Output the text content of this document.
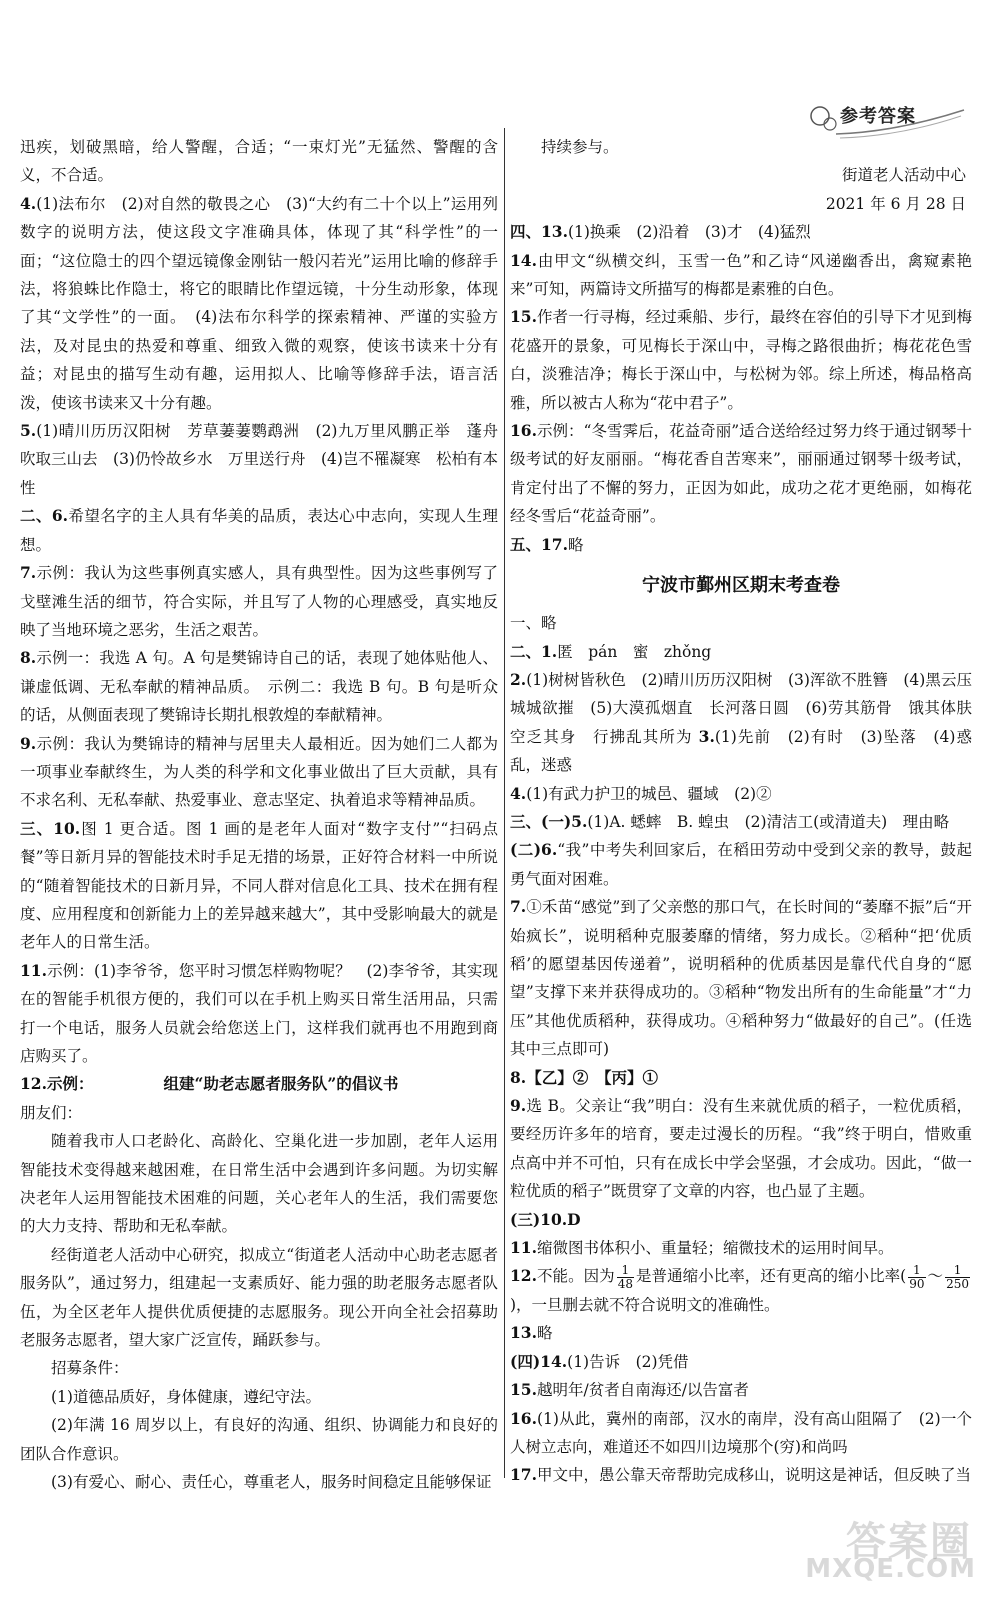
参考答案

迅疾，划破黑暗，给人警醒，合适；“一束灯光”无猛然、警醒的含义，不合适。

4.(1)法布尔　(2)对自然的敬畏之心　(3)“大约有二十个以上”运用列数字的说明方法，使这段文字准确具体，体现了其“科学性”的一面；“这位隐士的四个望远镜像金刚钻一般闪若光”运用比喻的修辞手法，将狼蛛比作隐士，将它的眼睛比作望远镜，十分生动形象，体现了其“文学性”的一面。　(4)法布尔科学的探索精神、严谨的实验方法，及对昆虫的热爱和尊重、细致入微的观察，使该书读来十分有益；对昆虫的描写生动有趣，运用拟人、比喻等修辞手法，语言活泼，使该书读来又十分有趣。

5.(1)晴川历历汉阳树　芳草萋萋鹦鹉洲　(2)九万里风鹏正举　蓬舟吹取三山去　(3)仍怜故乡水　万里送行舟　(4)岂不罹凝寒　松柏有本性

二、6.希望名字的主人具有华美的品质，表达心中志向，实现人生理想。

7.示例：我认为这些事例真实感人，具有典型性。因为这些事例写了戈壁滩生活的细节，符合实际，并且写了人物的心理感受，真实地反映了当地环境之恶劣，生活之艰苦。

8.示例一：我选 A 句。A 句是樊锦诗自己的话，表现了她体贴他人、谦虚低调、无私奉献的精神品质。　示例二：我选 B 句。B 句是听众的话，从侧面表现了樊锦诗长期扎根敦煌的奉献精神。

9.示例：我认为樊锦诗的精神与居里夫人最相近。因为她们二人都为一项事业奉献终生，为人类的科学和文化事业做出了巨大贡献，具有不求名利、无私奉献、热爱事业、意志坚定、执着追求等精神品质。

三、10.图 1 更合适。图 1 画的是老年人面对“数字支付”“扫码点餐”等日新月异的智能技术时手足无措的场景，正好符合材料一中所说的“随着智能技术的日新月异，不同人群对信息化工具、技术在拥有程度、应用程度和创新能力上的差异越来越大”，其中受影响最大的就是老年人的日常生活。

11.示例：(1)李爷爷，您平时习惯怎样购物呢？　(2)李爷爷，其实现在的智能手机很方便的，我们可以在手机上购买日常生活用品，只需打一个电话，服务人员就会给您送上门，这样我们就再也不用跑到商店购买了。

12.示例：	组建“助老志愿者服务队”的倡议书

朋友们：

随着我市人口老龄化、高龄化、空巢化进一步加剧，老年人运用智能技术变得越来越困难，在日常生活中会遇到许多问题。为切实解决老年人运用智能技术困难的问题，关心老年人的生活，我们需要您的大力支持、帮助和无私奉献。

经街道老人活动中心研究，拟成立“街道老人活动中心助老志愿者服务队”，通过努力，组建起一支素质好、能力强的助老服务志愿者队伍，为全区老年人提供优质便捷的志愿服务。现公开向全社会招募助老服务志愿者，望大家广泛宣传，踊跃参与。

招募条件：

(1)道德品质好，身体健康，遵纪守法。

(2)年满 16 周岁以上，有良好的沟通、组织、协调能力和良好的团队合作意识。

(3)有爱心、耐心、责任心，尊重老人，服务时间稳定且能够保证

持续参与。

街道老人活动中心

2021 年 6 月 28 日

四、13.(1)换乘　(2)沿着　(3)才　(4)猛烈

14.由甲文“纵横交纠，玉雪一色”和乙诗“风递幽香出，禽窥素艳来”可知，两篇诗文所描写的梅都是素雅的白色。

15.作者一行寻梅，经过乘船、步行，最终在容伯的引导下才见到梅花盛开的景象，可见梅长于深山中，寻梅之路很曲折；梅花花色雪白，淡雅洁净；梅长于深山中，与松树为邻。综上所述，梅品格高雅，所以被古人称为“花中君子”。

16.示例：“冬雪霁后，花益奇丽”适合送给经过努力终于通过钢琴十级考试的好友丽丽。“梅花香自苦寒来”，丽丽通过钢琴十级考试，肯定付出了不懈的努力，正因为如此，成功之花才更绝丽，如梅花经冬雪后“花益奇丽”。

五、17.略

宁波市鄞州区期末考查卷

一、略

二、1.匿　pán　蜜　zhǒng

2.(1)树树皆秋色　(2)晴川历历汉阳树　(3)浑欲不胜簪　(4)黑云压城城欲摧　(5)大漠孤烟直　长河落日圆　(6)劳其筋骨　饿其体肤　空乏其身　行拂乱其所为 3.(1)先前　(2)有时　(3)坠落　(4)惑乱，迷惑

4.(1)有武力护卫的城邑、疆域　(2)②

三、(一)5.(1)A. 蟋蟀　B. 蝗虫　(2)清洁工(或清道夫)　理由略

(二)6.“我”中考失利回家后，在稻田劳动中受到父亲的教导，鼓起勇气面对困难。

7.①禾苗“感觉”到了父亲憋的那口气，在长时间的“萎靡不振”后“开始疯长”，说明稻种克服萎靡的情绪，努力成长。②稻种“把‘优质稻’的愿望基因传递着”，说明稻种的优质基因是靠代代自身的“愿望”支撑下来并获得成功的。③稻种“物发出所有的生命能量”才“力压”其他优质稻种，获得成功。④稻种努力“做最好的自己”。(任选其中三点即可)

8.【乙】②　【丙】①

9.选 B。父亲让“我”明白：没有生来就优质的稻子，一粒优质稻，要经历许多年的培育，要走过漫长的历程。“我”终于明白，惜败重点高中并不可怕，只有在成长中学会坚强，才会成功。因此，“做一粒优质的稻子”既贯穿了文章的内容，也凸显了主题。

(三)10.D

11.缩微图书体积小、重量轻；缩微技术的运用时间早。

12.不能。因为 $\frac{1}{48}$ 是普通缩小比率，还有更高的缩小比率( $\frac{1}{90}$ ～ $\frac{1}{250}$
)，一旦删去就不符合说明文的准确性。

13.略

(四)14.(1)告诉　(2)凭借

15.越明年/贫者自南海还/以告富者

16.(1)从此，冀州的南部，汉水的南岸，没有高山阻隔了　(2)一个人树立志向，难道还不如四川边境那个(穷)和尚吗

17.甲文中，愚公靠天帝帮助完成移山，说明这是神话，但反映了当

答案圈
MXQE.COM
